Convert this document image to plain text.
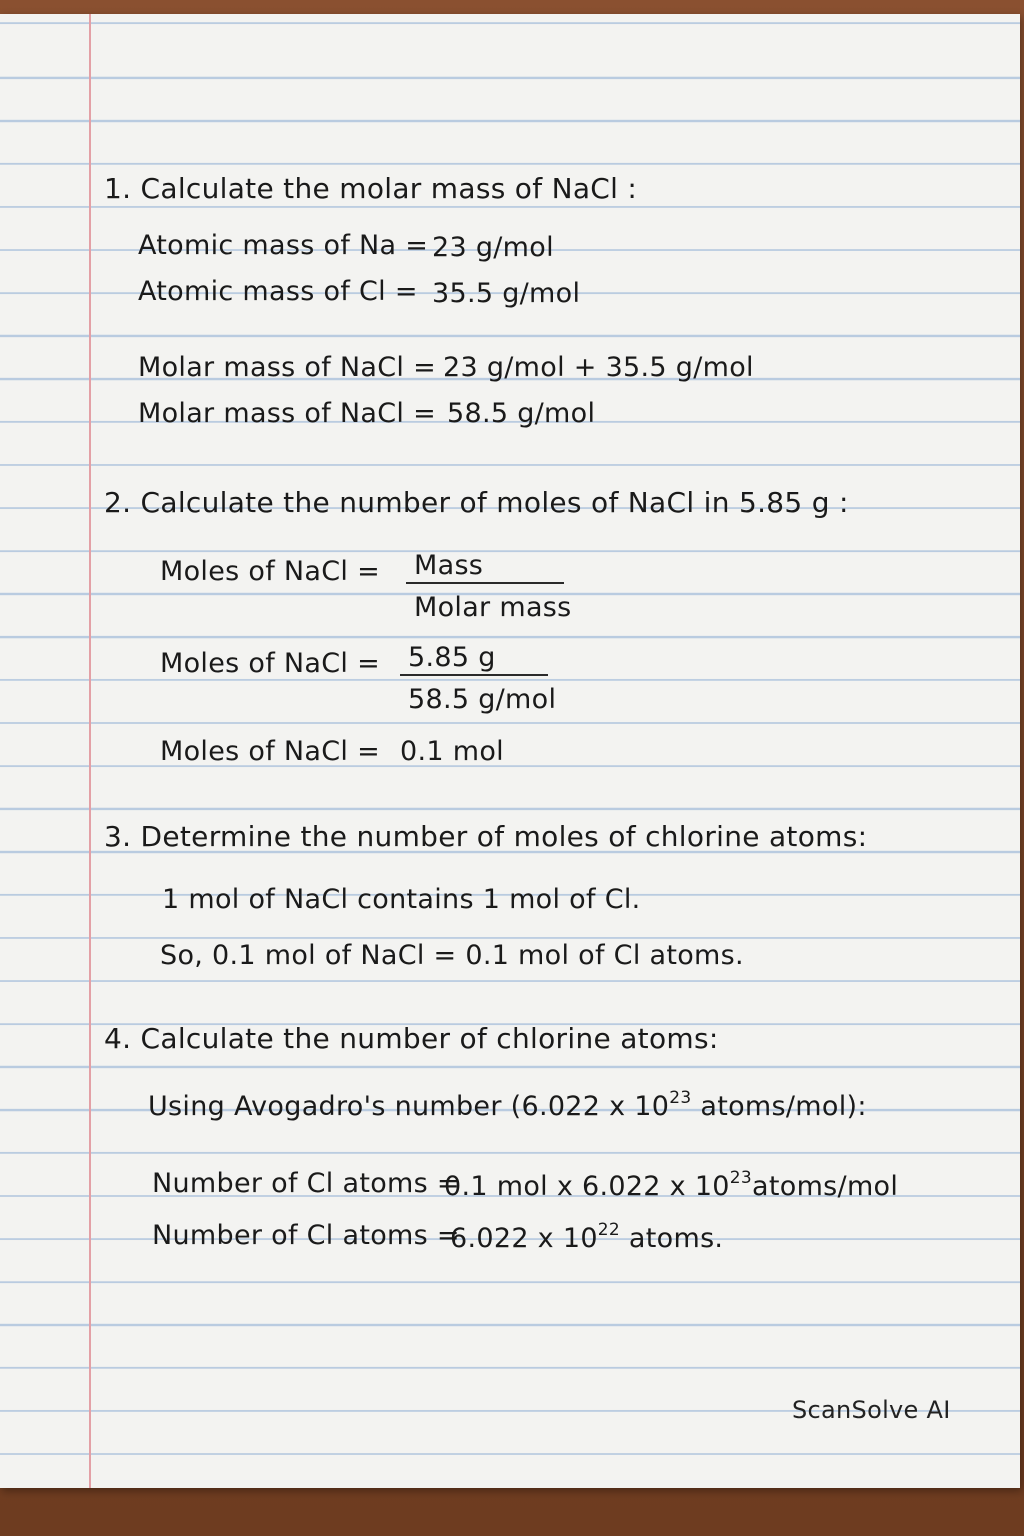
1. Calculate the molar mass of NaCl :
Atomic mass of Na = 23 g/mol
Atomic mass of Cl = 35.5 g/mol
Molar mass of NaCl = 23 g/mol + 35.5 g/mol
Molar mass of NaCl = 58.5 g/mol
2. Calculate the number of moles of NaCl in 5.85 g :
Moles of NaCl = Mass
Molar mass
Moles of NaCl = 5.85 g
58.5 g/mol
Moles of NaCl = 0.1 mol
3. Determine the number of moles of chlorine atoms:
1 mol of NaCl contains 1 mol of Cl.
So, 0.1 mol of NaCl = 0.1 mol of Cl atoms.
4. Calculate the number of chlorine atoms:
Using Avogadro's number (6.022 x $10^{23}$ atoms/mol):
Number of Cl atoms =
0.1 mol x 6.022 x $10^{23}atoms$/mol
Number of Cl atoms =
6.022 x $10^{22}$ atoms.
ScanSolve AI
